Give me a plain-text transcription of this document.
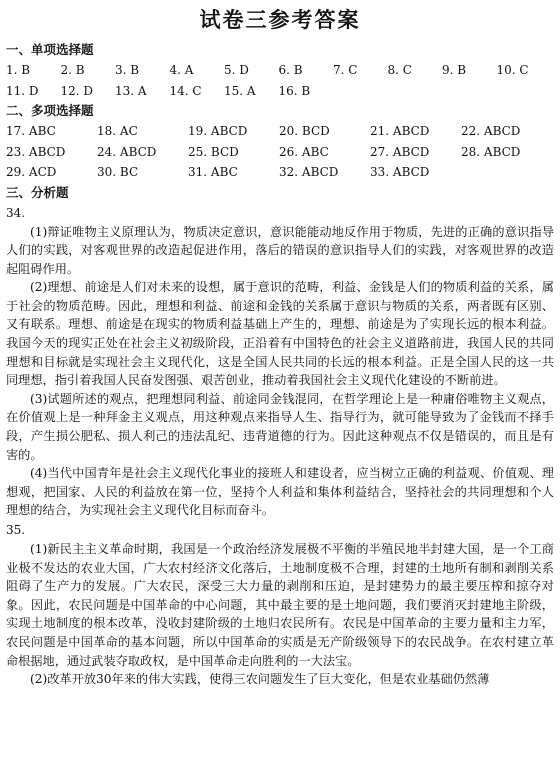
试卷三参考答案
一、单项选择题
1. B	2. B	3. B	4. A	5. D	6. B	7. C	8. C	9. B	10. C
11. D	12. D	13. A	14. C	15. A	16. B
二、多项选择题
17. ABC	18. AC	19. ABCD	20. BCD	21. ABCD	22. ABCD
23. ABCD	24. ABCD	25. BCD	26. ABC	27. ABCD	28. ABCD
29. ACD	30. BC	31. ABC	32. ABCD	33. ABCD
三、分析题
34.

(1)辩证唯物主义原理认为，物质决定意识，意识能能动地反作用于物质，先进的正确的意识指导人们的实践，对客观世界的改造起促进作用，落后的错误的意识指导人们的实践，对客观世界的改造起阻碍作用。

(2)理想、前途是人们对未来的设想，属于意识的范畴，利益、金钱是人们的物质利益的关系，属于社会的物质范畴。因此，理想和利益、前途和金钱的关系属于意识与物质的关系，两者既有区别、又有联系。理想、前途是在现实的物质利益基础上产生的，理想、前途是为了实现长远的根本利益。我国今天的现实正处在社会主义初级阶段，正沿着有中国特色的社会主义道路前进，我国人民的共同理想和目标就是实现社会主义现代化，这是全国人民共同的长远的根本利益。正是全国人民的这一共同理想，指引着我国人民奋发图强、艰苦创业，推动着我国社会主义现代化建设的不断前进。

(3)试题所述的观点，把理想同利益、前途同金钱混同，在哲学理论上是一种庸俗唯物主义观点，在价值观上是一种拜金主义观点，用这种观点来指导人生、指导行为，就可能导致为了金钱而不择手段，产生损公肥私、损人利己的违法乱纪、违背道德的行为。因此这种观点不仅是错误的，而且是有害的。

(4)当代中国青年是社会主义现代化事业的接班人和建设者，应当树立正确的利益观、价值观、理想观，把国家、人民的利益放在第一位，坚持个人利益和集体利益结合，坚持社会的共同理想和个人理想的结合，为实现社会主义现代化目标而奋斗。

35.

(1)新民主主义革命时期，我国是一个政治经济发展极不平衡的半殖民地半封建大国，是一个工商业极不发达的农业大国，广大农村经济文化落后，土地制度极不合理，封建的土地所有制和剥削关系阻碍了生产力的发展。广大农民，深受三大力量的剥削和压迫，是封建势力的最主要压榨和掠夺对象。因此，农民问题是中国革命的中心问题，其中最主要的是土地问题，我们要消灭封建地主阶级，实现土地制度的根本改革，没收封建阶级的土地归农民所有。农民是中国革命的主要力量和主力军，农民问题是中国革命的基本问题，所以中国革命的实质是无产阶级领导下的农民战争。在农村建立革命根据地，通过武装夺取政权，是中国革命走向胜利的一大法宝。

(2)改革开放30年来的伟大实践，使得三农问题发生了巨大变化，但是农业基础仍然薄
